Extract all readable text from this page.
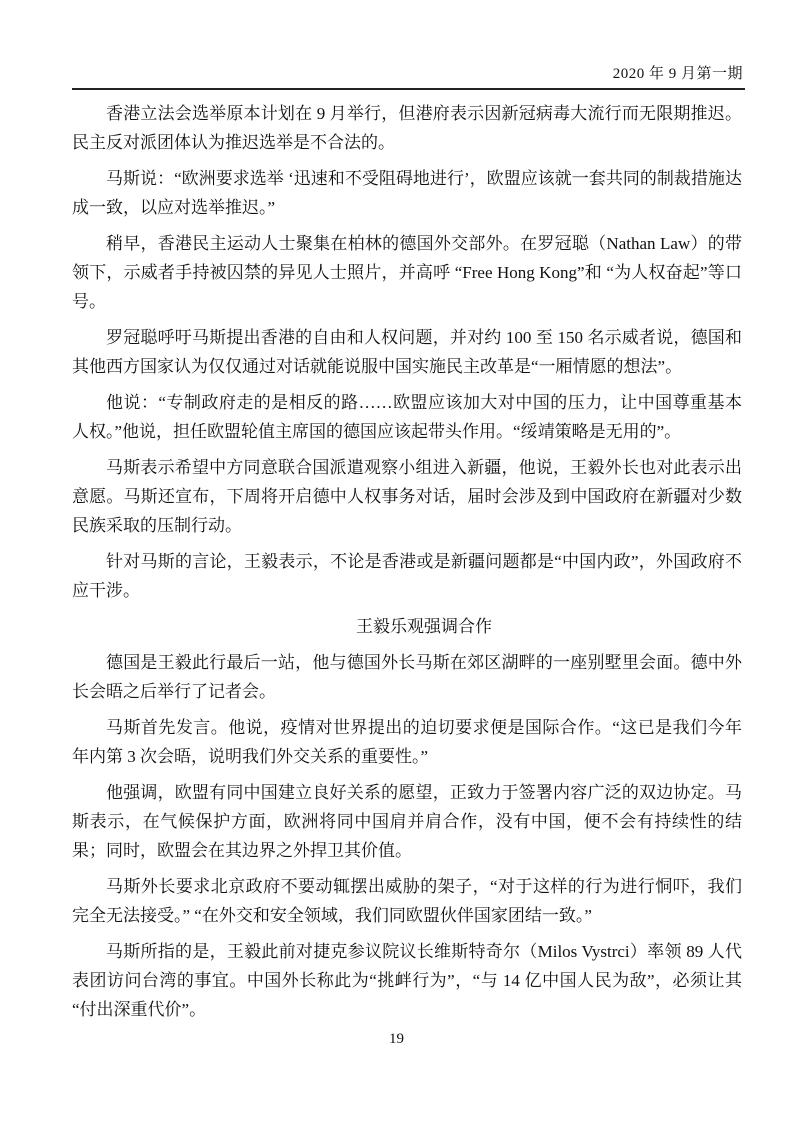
2020 年 9 月第一期

香港立法会选举原本计划在 9 月举行，但港府表示因新冠病毒大流行而无限期推迟。民主反对派团体认为推迟选举是不合法的。

马斯说：“欧洲要求选举 ‘迅速和不受阻碍地进行’，欧盟应该就一套共同的制裁措施达成一致，以应对选举推迟。”

稍早，香港民主运动人士聚集在柏林的德国外交部外。在罗冠聪（Nathan Law）的带领下，示威者手持被囚禁的异见人士照片，并高呼 “Free Hong Kong”和 “为人权奋起”等口号。

罗冠聪呼吁马斯提出香港的自由和人权问题，并对约 100 至 150 名示威者说，德国和其他西方国家认为仅仅通过对话就能说服中国实施民主改革是“一厢情愿的想法”。

他说：“专制政府走的是相反的路……欧盟应该加大对中国的压力，让中国尊重基本人权。”他说，担任欧盟轮值主席国的德国应该起带头作用。“绥靖策略是无用的”。

马斯表示希望中方同意联合国派遣观察小组进入新疆，他说，王毅外长也对此表示出意愿。马斯还宣布，下周将开启德中人权事务对话，届时会涉及到中国政府在新疆对少数民族采取的压制行动。

针对马斯的言论，王毅表示，不论是香港或是新疆问题都是“中国内政”，外国政府不应干涉。

王毅乐观强调合作

德国是王毅此行最后一站，他与德国外长马斯在郊区湖畔的一座别墅里会面。德中外长会晤之后举行了记者会。

马斯首先发言。他说，疫情对世界提出的迫切要求便是国际合作。“这已是我们今年年内第 3 次会晤，说明我们外交关系的重要性。”

他强调，欧盟有同中国建立良好关系的愿望，正致力于签署内容广泛的双边协定。马斯表示，在气候保护方面，欧洲将同中国肩并肩合作，没有中国，便不会有持续性的结果；同时，欧盟会在其边界之外捍卫其价值。

马斯外长要求北京政府不要动辄摆出威胁的架子，“对于这样的行为进行恫吓，我们完全无法接受。” “在外交和安全领域，我们同欧盟伙伴国家团结一致。”

马斯所指的是，王毅此前对捷克参议院议长维斯特奇尔（Milos Vystrci）率领 89 人代表团访问台湾的事宜。中国外长称此为“挑衅行为”，“与 14 亿中国人民为敌”，必须让其“付出深重代价”。

19
